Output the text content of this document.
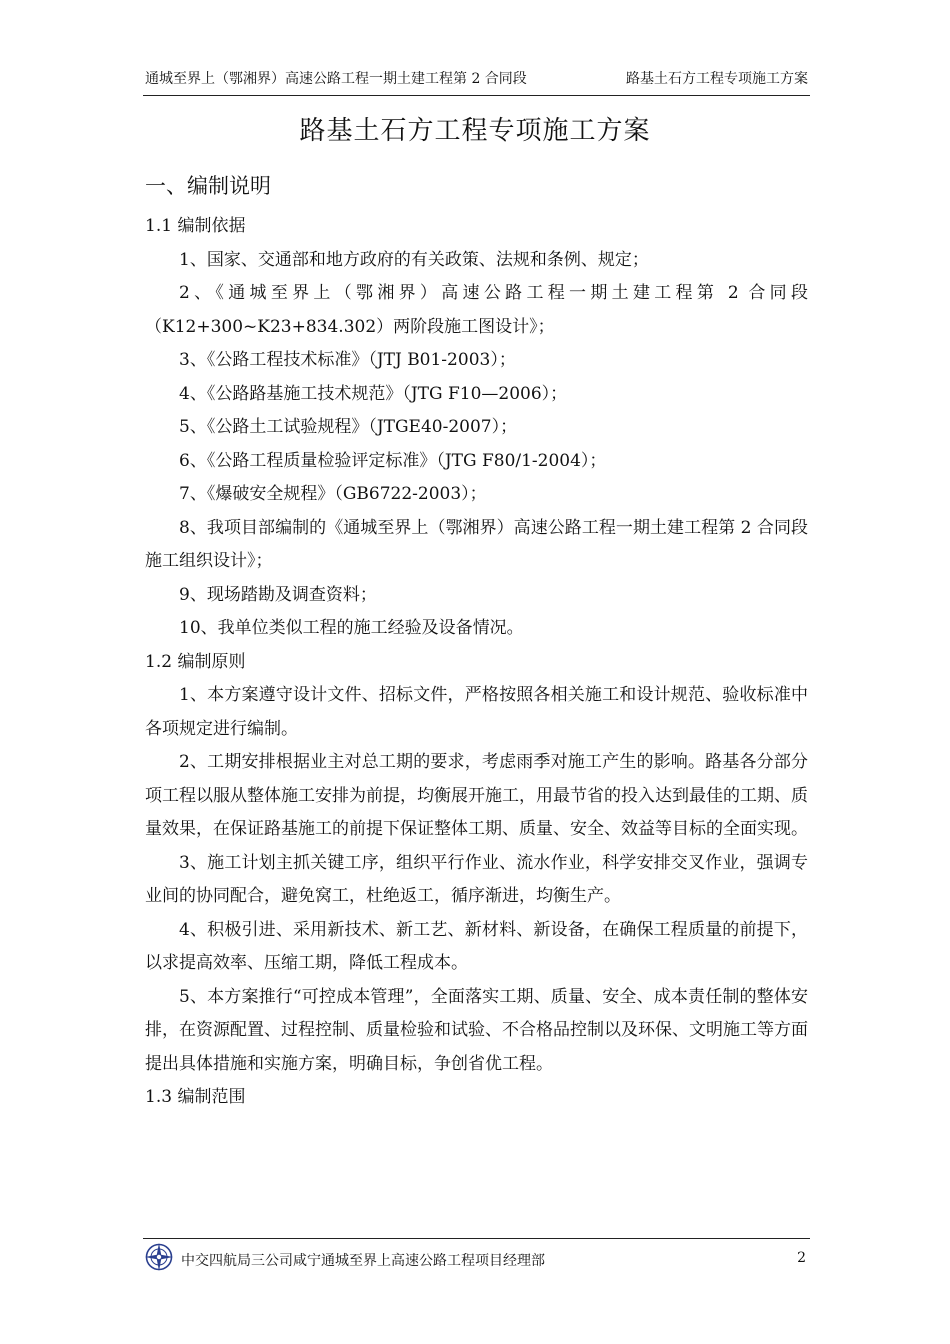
通城至界上（鄂湘界）高速公路工程一期土建工程第 2 合同段	路基土石方工程专项施工方案
路基土石方工程专项施工方案
一、编制说明

1.1 编制依据

1、国家、交通部和地方政府的有关政策、法规和条例、规定；

2、《通城至界上（鄂湘界）高速公路工程一期土建工程第 2 合同段（K12+300~K23+834.302）两阶段施工图设计》；

3、《公路工程技术标准》（JTJ B01-2003）；

4、《公路路基施工技术规范》（JTG F10—2006）；

5、《公路土工试验规程》（JTGE40-2007）；

6、《公路工程质量检验评定标准》（JTG F80/1-2004）；

7、《爆破安全规程》（GB6722-2003）；

8、我项目部编制的《通城至界上（鄂湘界）高速公路工程一期土建工程第 2 合同段施工组织设计》；

9、现场踏勘及调查资料；

10、我单位类似工程的施工经验及设备情况。

1.2 编制原则

1、本方案遵守设计文件、招标文件，严格按照各相关施工和设计规范、验收标准中各项规定进行编制。

2、工期安排根据业主对总工期的要求，考虑雨季对施工产生的影响。路基各分部分项工程以服从整体施工安排为前提，均衡展开施工，用最节省的投入达到最佳的工期、质量效果，在保证路基施工的前提下保证整体工期、质量、安全、效益等目标的全面实现。

3、施工计划主抓关键工序，组织平行作业、流水作业，科学安排交叉作业，强调专业间的协同配合，避免窝工，杜绝返工，循序渐进，均衡生产。

4、积极引进、采用新技术、新工艺、新材料、新设备，在确保工程质量的前提下，以求提高效率、压缩工期，降低工程成本。

5、本方案推行“可控成本管理”，全面落实工期、质量、安全、成本责任制的整体安排，在资源配置、过程控制、质量检验和试验、不合格品控制以及环保、文明施工等方面提出具体措施和实施方案，明确目标，争创省优工程。

1.3 编制范围

中交四航局三公司咸宁通城至界上高速公路工程项目经理部	2
